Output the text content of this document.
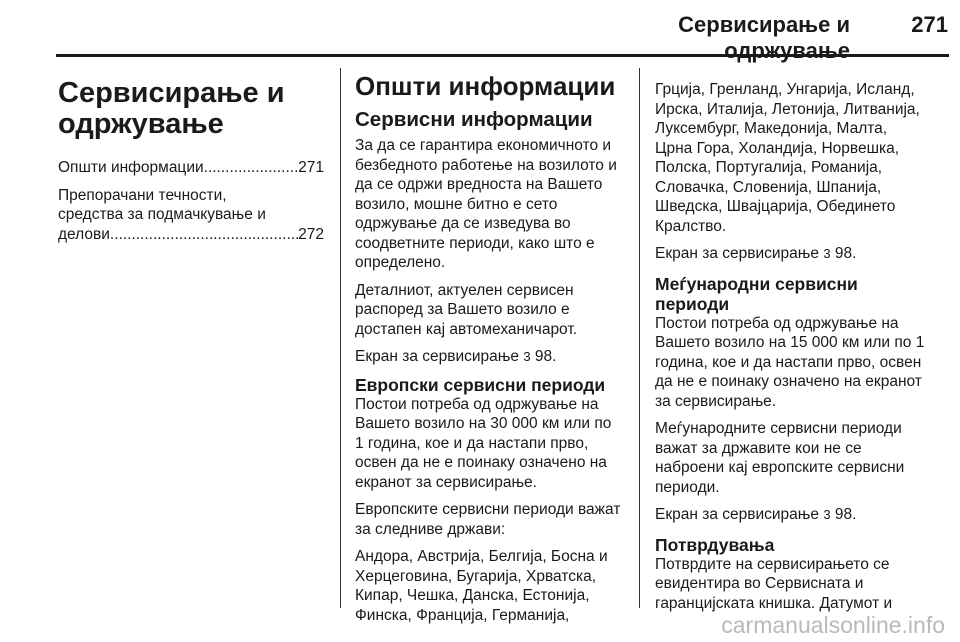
Сервисирање и одржување
271
Сервисирање и одржување
Општи информации .....	271
Препорачани течности,
средства за подмачкување и
делови .....	272
Општи информации
Сервисни информации

За да се гарантира економичното и безбедното работење на возилото и да се одржи вредноста на Вашето возило, мошне битно е сето одржување да се изведува во соодветните периоди, како што е определено.

Деталниот, актуелен сервисен распоред за Вашето возило е достапен кај автомеханичарот.

Екран за сервисирање 3 98.

Европски сервисни периоди

Постои потреба од одржување на Вашето возило на 30 000 км или по 1 година, кое и да настапи прво, освен да не е поинаку означено на екранот за сервисирање.

Европските сервисни периоди важат за следниве држави:

Андора, Австрија, Белгија, Босна и Херцеговина, Бугарија, Хрватска, Кипар, Чешка, Данска, Естонија, Финска, Франција, Германија,

Грција, Гренланд, Унгарија, Исланд, Ирска, Италија, Летонија, Литванија, Луксембург, Македонија, Малта, Црна Гора, Холандија, Норвешка, Полска, Португалија, Романија, Словачка, Словенија, Шпанија, Шведска, Швајцарија, Обединето Кралство.

Екран за сервисирање 3 98.

Меѓународни сервисни периоди

Постои потреба од одржување на Вашето возило на 15 000 км или по 1 година, кое и да настапи прво, освен да не е поинаку означено на екранот за сервисирање.

Меѓународните сервисни периоди важат за државите кои не се наброени кај европските сервисни периоди.

Екран за сервисирање 3 98.

Потврдувања

Потврдите на сервисирањето се евидентира во Сервисната и гаранцијската книшка. Датумот и

carmanualsonline.info
